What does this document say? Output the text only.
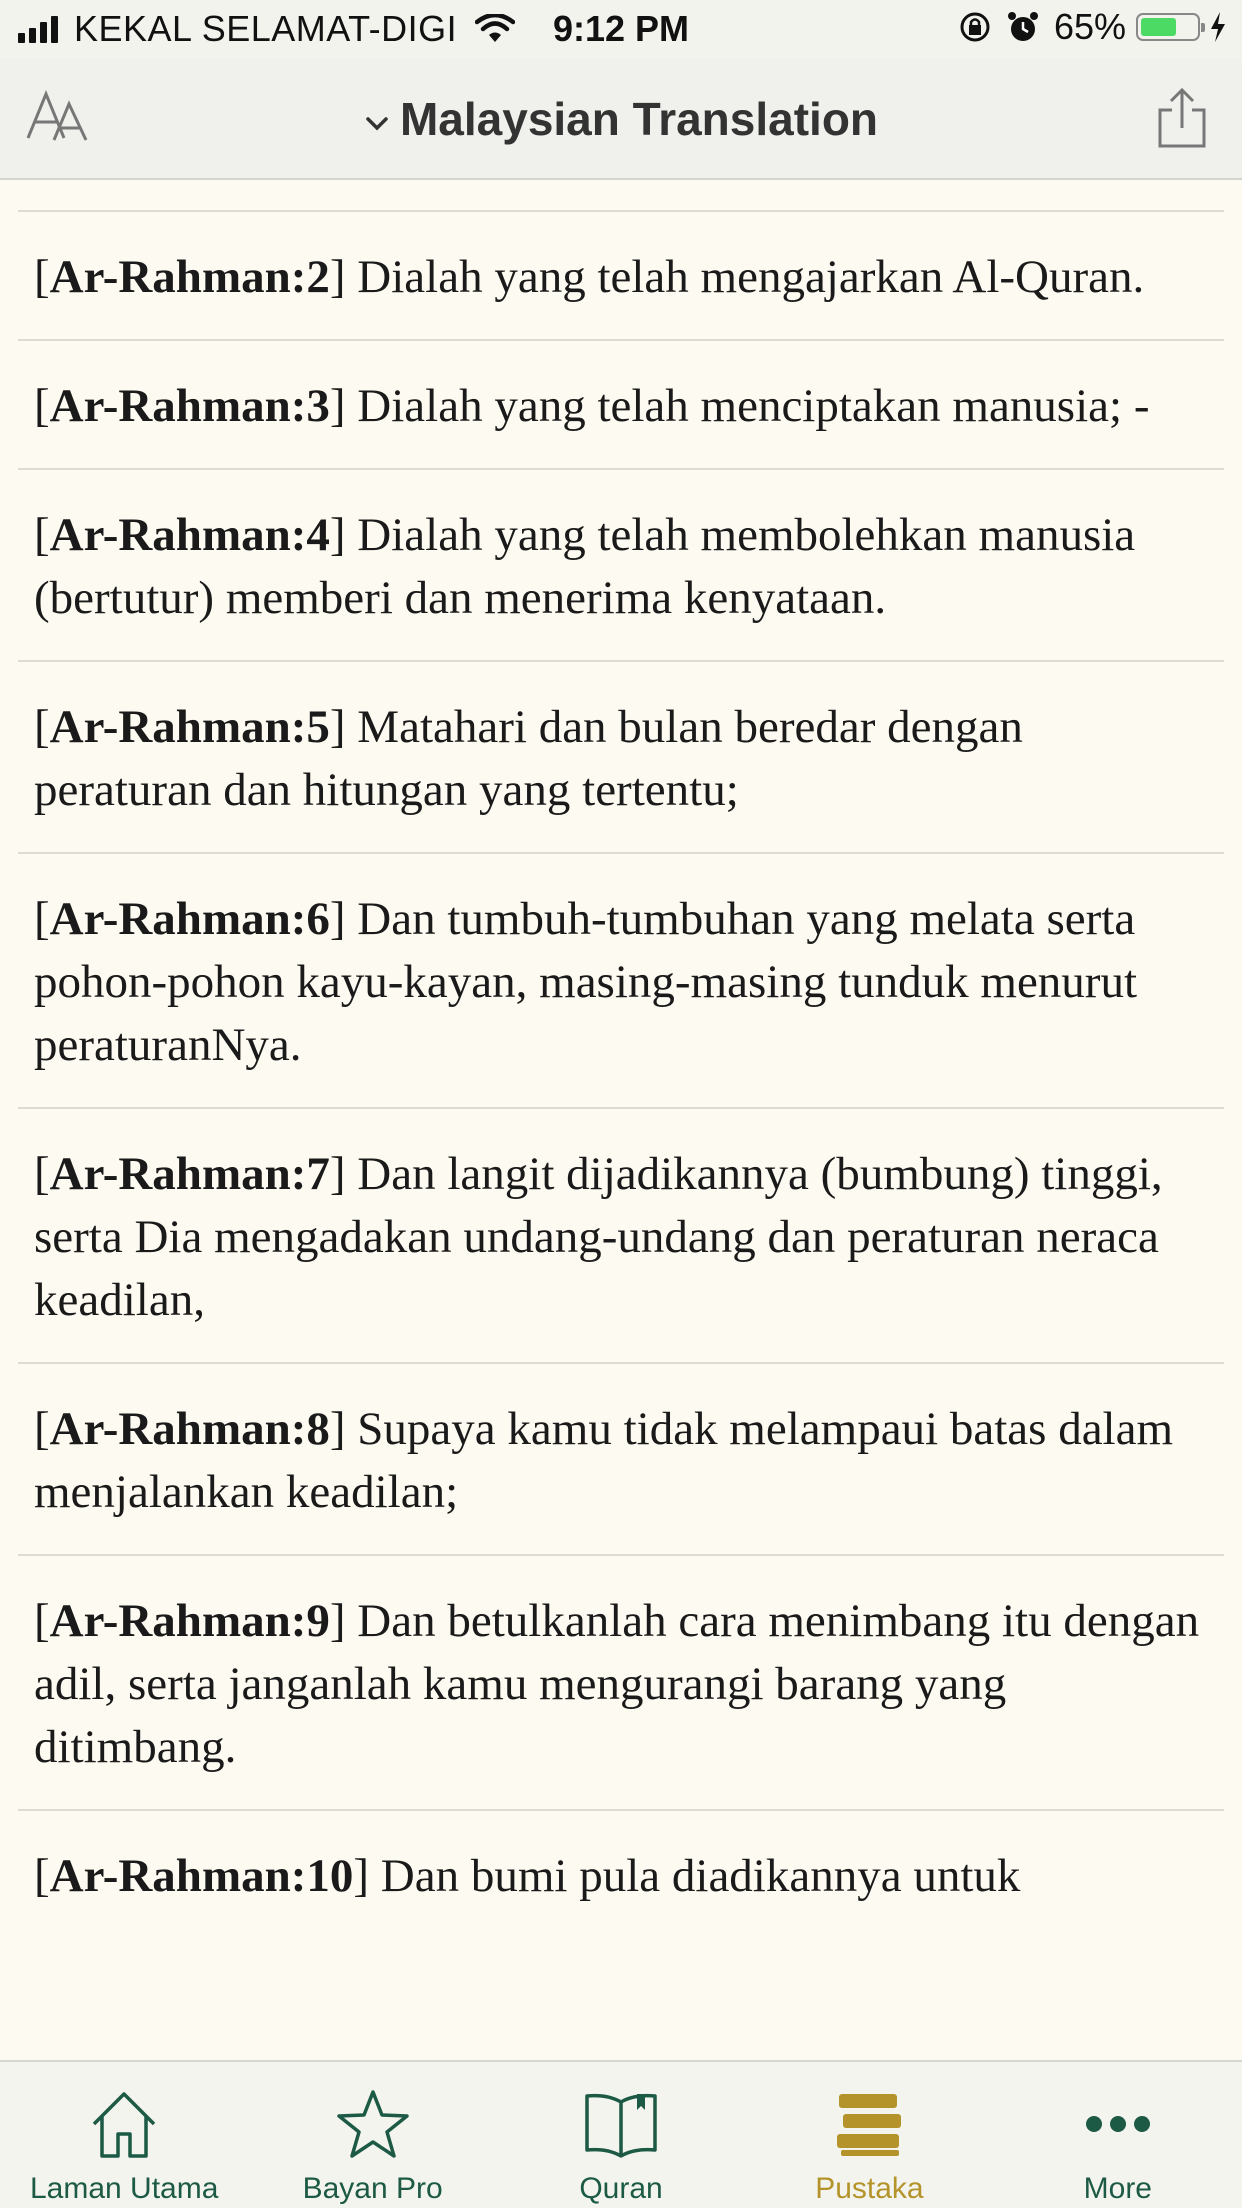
KEKAL SELAMAT-DIGI	9:12 PM	65%
Malaysian Translation
[Ar-Rahman:2] Dialah yang telah mengajarkan Al-Quran.
[Ar-Rahman:3] Dialah yang telah menciptakan manusia; -
[Ar-Rahman:4] Dialah yang telah membolehkan manusia (bertutur) memberi dan menerima kenyataan.
[Ar-Rahman:5] Matahari dan bulan beredar dengan peraturan dan hitungan yang tertentu;
[Ar-Rahman:6] Dan tumbuh-tumbuhan yang melata serta pohon-pohon kayu-kayan, masing-masing tunduk menurut peraturanNya.
[Ar-Rahman:7] Dan langit dijadikannya (bumbung) tinggi, serta Dia mengadakan undang-undang dan peraturan neraca keadilan,
[Ar-Rahman:8] Supaya kamu tidak melampaui batas dalam menjalankan keadilan;
[Ar-Rahman:9] Dan betulkanlah cara menimbang itu dengan adil, serta janganlah kamu mengurangi barang yang ditimbang.
[Ar-Rahman:10] Dan bumi pula diadikannya untuk
Laman Utama	Bayan Pro	Quran	Pustaka	More
